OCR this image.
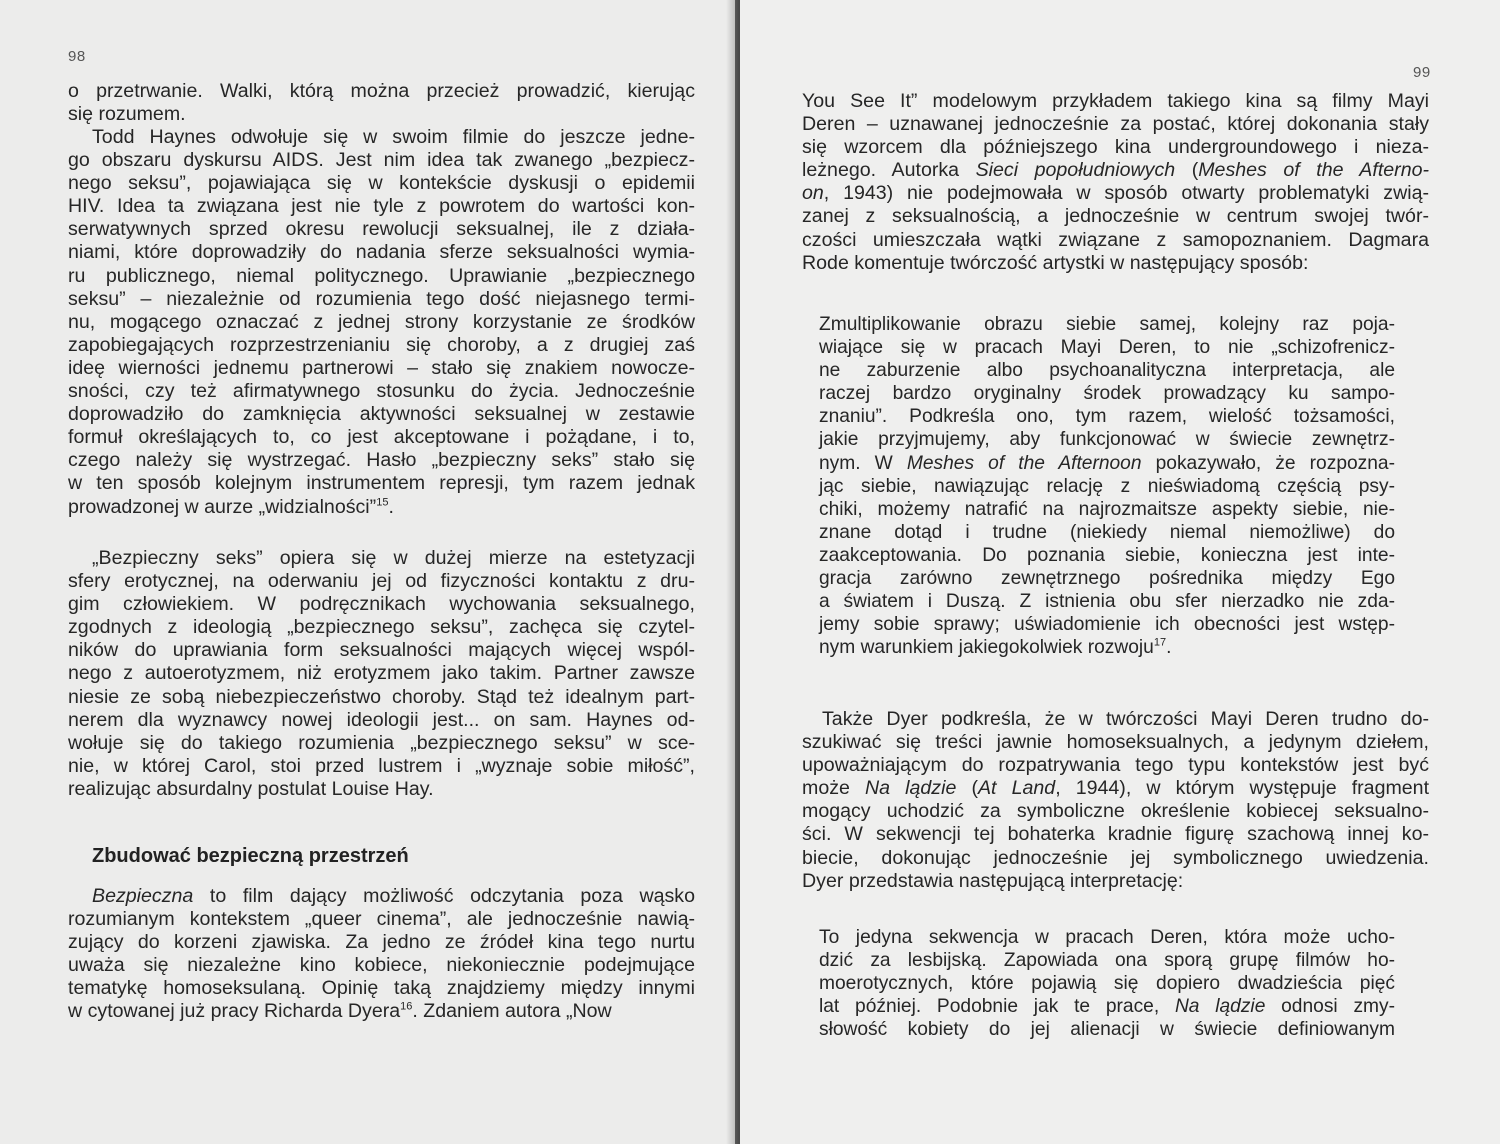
98
o przetrwanie. Walki, którą można przecież prowadzić, kierując
się rozumem.
Todd Haynes odwołuje się w swoim filmie do jeszcze jedne-
go obszaru dyskursu AIDS. Jest nim idea tak zwanego „bezpiecz-
nego seksu”, pojawiająca się w kontekście dyskusji o epidemii
HIV. Idea ta związana jest nie tyle z powrotem do wartości kon-
serwatywnych sprzed okresu rewolucji seksualnej, ile z działa-
niami, które doprowadziły do nadania sferze seksualności wymia-
ru publicznego, niemal politycznego. Uprawianie „bezpiecznego
seksu” – niezależnie od rozumienia tego dość niejasnego termi-
nu, mogącego oznaczać z jednej strony korzystanie ze środków
zapobiegających rozprzestrzenianiu się choroby, a z drugiej zaś
ideę wierności jednemu partnerowi – stało się znakiem nowocze-
sności, czy też afirmatywnego stosunku do życia. Jednocześnie
doprowadziło do zamknięcia aktywności seksualnej w zestawie
formuł określających to, co jest akceptowane i pożądane, i to,
czego należy się wystrzegać. Hasło „bezpieczny seks” stało się
w ten sposób kolejnym instrumentem represji, tym razem jednak
prowadzonej w aurze „widzialności”$^{15}$.
„Bezpieczny seks” opiera się w dużej mierze na estetyzacji
sfery erotycznej, na oderwaniu jej od fizyczności kontaktu z dru-
gim człowiekiem. W podręcznikach wychowania seksualnego,
zgodnych z ideologią „bezpiecznego seksu”, zachęca się czytel-
ników do uprawiania form seksualności mających więcej wspól-
nego z autoerotyzmem, niż erotyzmem jako takim. Partner zawsze
niesie ze sobą niebezpieczeństwo choroby. Stąd też idealnym part-
nerem dla wyznawcy nowej ideologii jest... on sam. Haynes od-
wołuje się do takiego rozumienia „bezpiecznego seksu” w sce-
nie, w której Carol, stoi przed lustrem i „wyznaje sobie miłość”,
realizując absurdalny postulat Louise Hay.
Zbudować bezpieczną przestrzeń
Bezpieczna to film dający możliwość odczytania poza wąsko
rozumianym kontekstem „queer cinema”, ale jednocześnie nawią-
zujący do korzeni zjawiska. Za jedno ze źródeł kina tego nurtu
uważa się niezależne kino kobiece, niekoniecznie podejmujące
tematykę homoseksulaną. Opinię taką znajdziemy między innymi
w cytowanej już pracy Richarda Dyera$^{16}$. Zdaniem autora „Now
99
You See It” modelowym przykładem takiego kina są filmy Mayi
Deren – uznawanej jednocześnie za postać, której dokonania stały
się wzorcem dla późniejszego kina undergroundowego i nieza-
leżnego. Autorka Sieci popołudniowych (Meshes of the Afterno-
on, 1943) nie podejmowała w sposób otwarty problematyki zwią-
zanej z seksualnością, a jednocześnie w centrum swojej twór-
czości umieszczała wątki związane z samopoznaniem. Dagmara
Rode komentuje twórczość artystki w następujący sposób:
Zmultiplikowanie obrazu siebie samej, kolejny raz poja-
wiające się w pracach Mayi Deren, to nie „schizofrenicz-
ne zaburzenie albo psychoanalityczna interpretacja, ale
raczej bardzo oryginalny środek prowadzący ku sampo-
znaniu”. Podkreśla ono, tym razem, wielość tożsamości,
jakie przyjmujemy, aby funkcjonować w świecie zewnętrz-
nym. W Meshes of the Afternoon pokazywało, że rozpozna-
jąc siebie, nawiązując relację z nieświadomą częścią psy-
chiki, możemy natrafić na najrozmaitsze aspekty siebie, nie-
znane dotąd i trudne (niekiedy niemal niemożliwe) do
zaakceptowania. Do poznania siebie, konieczna jest inte-
gracja zarówno zewnętrznego pośrednika między Ego
a światem i Duszą. Z istnienia obu sfer nierzadko nie zda-
jemy sobie sprawy; uświadomienie ich obecności jest wstęp-
nym warunkiem jakiegokolwiek rozwoju$^{17}$.
Także Dyer podkreśla, że w twórczości Mayi Deren trudno do-
szukiwać się treści jawnie homoseksualnych, a jedynym dziełem,
upoważniającym do rozpatrywania tego typu kontekstów jest być
może Na lądzie (At Land, 1944), w którym występuje fragment
mogący uchodzić za symboliczne określenie kobiecej seksualno-
ści. W sekwencji tej bohaterka kradnie figurę szachową innej ko-
biecie, dokonując jednocześnie jej symbolicznego uwiedzenia.
Dyer przedstawia następującą interpretację:
To jedyna sekwencja w pracach Deren, która może ucho-
dzić za lesbijską. Zapowiada ona sporą grupę filmów ho-
moerotycznych, które pojawią się dopiero dwadzieścia pięć
lat później. Podobnie jak te prace, Na lądzie odnosi zmy-
słowość kobiety do jej alienacji w świecie definiowanym
